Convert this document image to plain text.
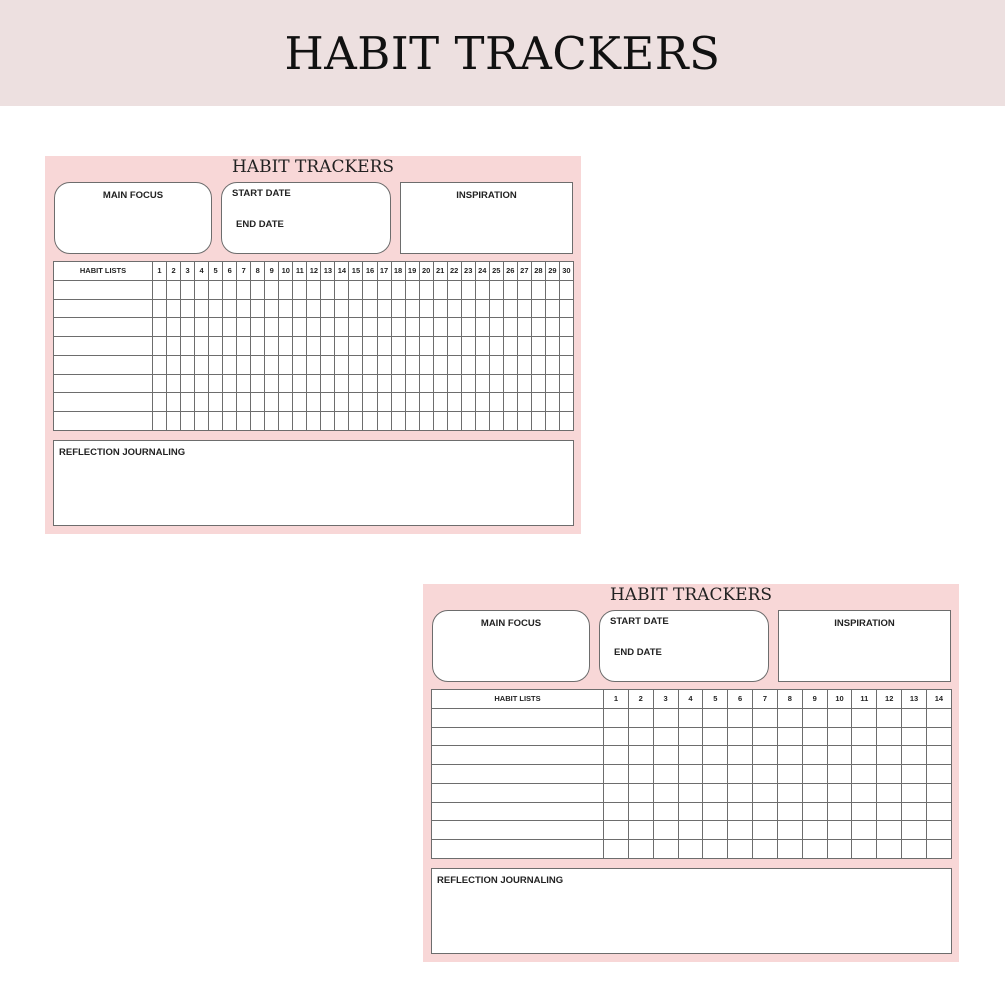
HABIT TRACKERS
HABIT TRACKERS
MAIN FOCUS	START DATE
END DATE
INSPIRATION
HABIT LISTS	1	2	3	4	5	6	7	8	9	10	11	12	13	14	15	16	17	18	19	20	21	22	23	24	25	26	27	28	29	30

REFLECTION JOURNALING
HABIT TRACKERS
MAIN FOCUS	START DATE
END DATE
INSPIRATION
HABIT LISTS	1	2	3	4	5	6	7	8	9	10	11	12	13	14

REFLECTION JOURNALING
